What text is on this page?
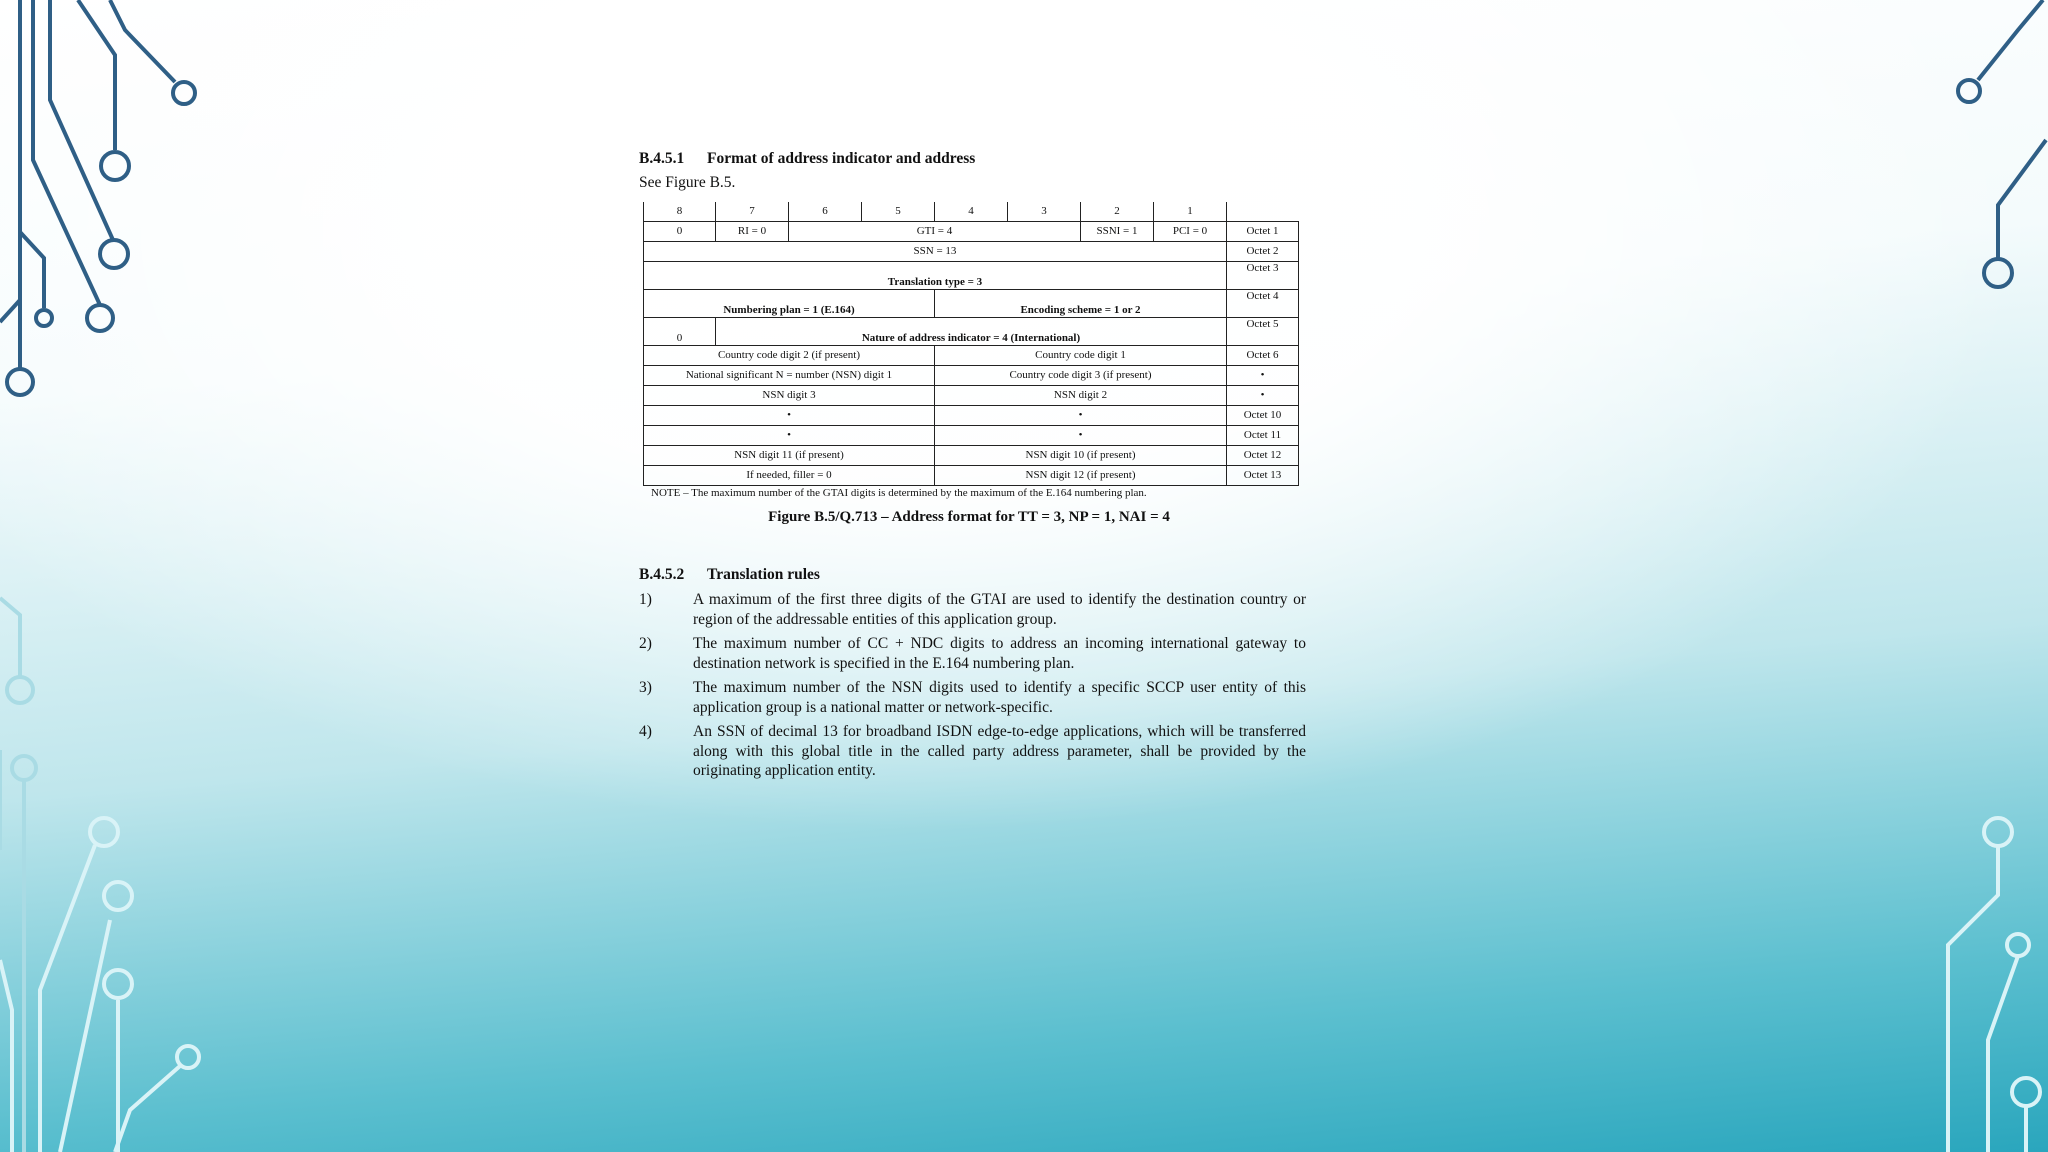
B.4.5.1 Format of address indicator and address

See Figure B.5.

8	7	6	5	4	3	2	1	
0	RI = 0	GTI = 4				SSNI = 1	PCI = 0	Octet 1
SSN = 13								Octet 2
Translation type = 3								Octet 3
Numbering plan = 1 (E.164)				Encoding scheme = 1 or 2				Octet 4
0	Nature of address indicator = 4 (International)							Octet 5
Country code digit 2 (if present)				Country code digit 1				Octet 6
National significant N = number (NSN) digit 1				Country code digit 3 (if present)				•
NSN digit 3				NSN digit 2				•
•				•				Octet 10
•				•				Octet 11
NSN digit 11 (if present)				NSN digit 10 (if present)				Octet 12
If needed, filler = 0				NSN digit 12 (if present)				Octet 13

NOTE – The maximum number of the GTAI digits is determined by the maximum of the E.164 numbering plan.

Figure B.5/Q.713 – Address format for TT = 3, NP = 1, NAI = 4

B.4.5.2 Translation rules

1)	A maximum of the first three digits of the GTAI are used to identify the destination country or region of the addressable entities of this application group.
2)	The maximum number of CC + NDC digits to address an incoming international gateway to destination network is specified in the E.164 numbering plan.
3)	The maximum number of the NSN digits used to identify a specific SCCP user entity of this application group is a national matter or network-specific.
4)	An SSN of decimal 13 for broadband ISDN edge-to-edge applications, which will be transferred along with this global title in the called party address parameter, shall be provided by the originating application entity.
